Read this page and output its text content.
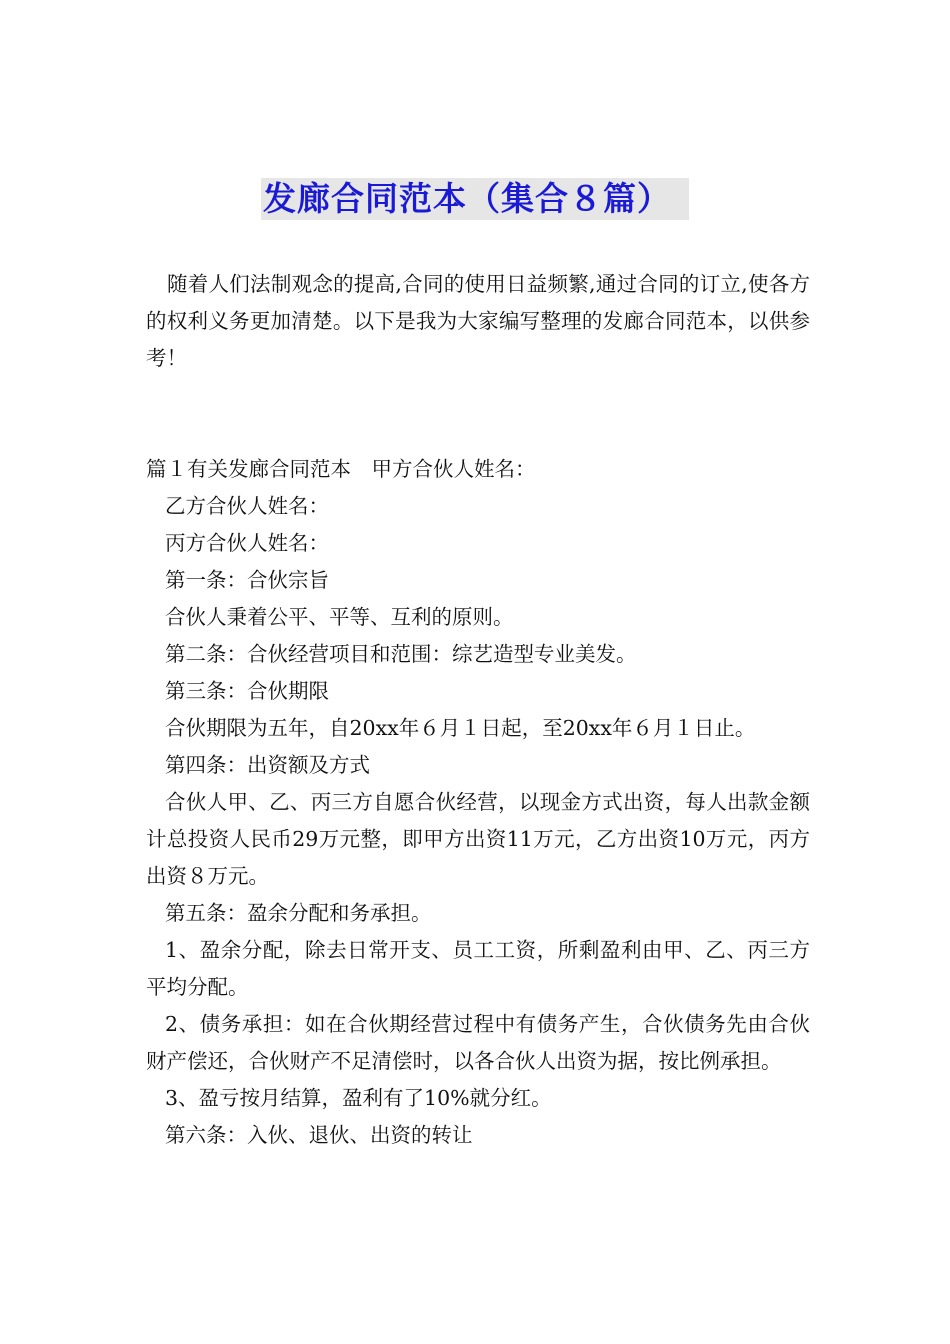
发廊合同范本（集合８篇）

随着人们法制观念的提高,合同的使用日益频繁,通过合同的订立,使各方的权利义务更加清楚。以下是我为大家编写整理的发廊合同范本，以供参考！

篇１有关发廊合同范本　甲方合伙人姓名：

乙方合伙人姓名：

丙方合伙人姓名：

第一条：合伙宗旨

合伙人秉着公平、平等、互利的原则。

第二条：合伙经营项目和范围：综艺造型专业美发。

第三条：合伙期限

合伙期限为五年，自20xx年６月１日起，至20xx年６月１日止。

第四条：出资额及方式

合伙人甲、乙、丙三方自愿合伙经营，以现金方式出资，每人出款金额计总投资人民币29万元整，即甲方出资11万元，乙方出资10万元，丙方出资８万元。

第五条：盈余分配和务承担。

1、盈余分配，除去日常开支、员工工资，所剩盈利由甲、乙、丙三方平均分配。

2、债务承担：如在合伙期经营过程中有债务产生，合伙债务先由合伙财产偿还，合伙财产不足清偿时，以各合伙人出资为据，按比例承担。

3、盈亏按月结算，盈利有了10%就分红。

第六条：入伙、退伙、出资的转让
